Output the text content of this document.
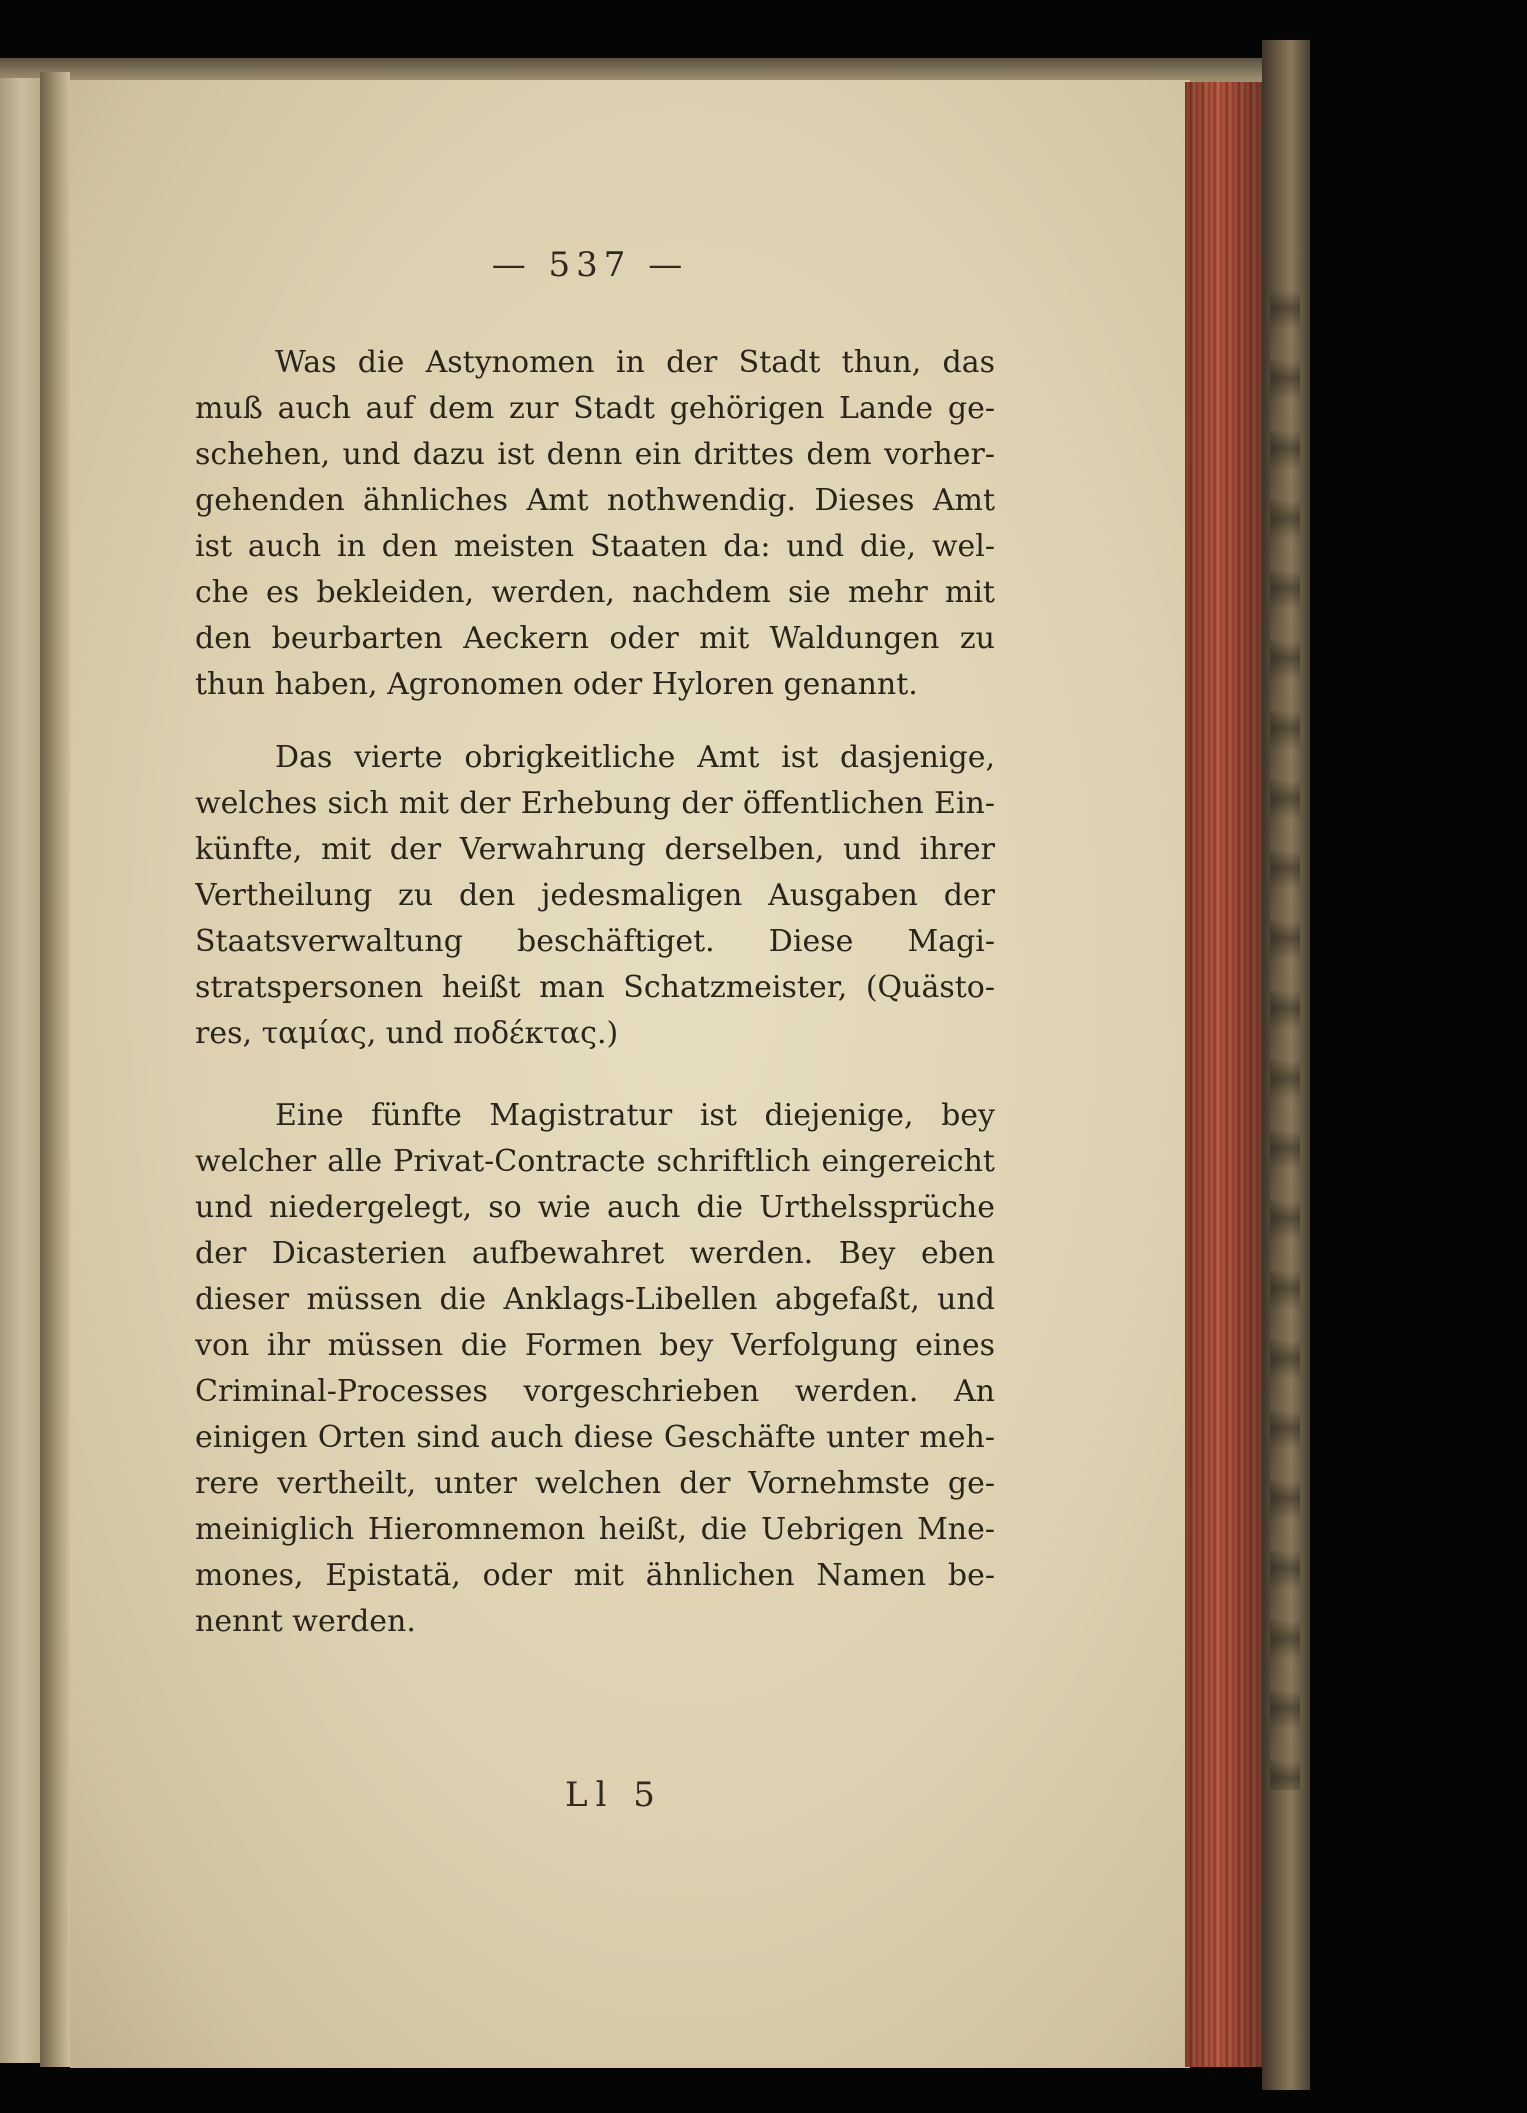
— 537 —
Was die Astynomen in der Stadt thun, das
muß auch auf dem zur Stadt gehörigen Lande ge-
schehen, und dazu ist denn ein drittes dem vorher-
gehenden ähnliches Amt nothwendig. Dieses Amt
ist auch in den meisten Staaten da: und die, wel-
che es bekleiden, werden, nachdem sie mehr mit
den beurbarten Aeckern oder mit Waldungen zu
thun haben, Agronomen oder Hyloren genannt.
Das vierte obrigkeitliche Amt ist dasjenige,
welches sich mit der Erhebung der öffentlichen Ein-
künfte, mit der Verwahrung derselben, und ihrer
Vertheilung zu den jedesmaligen Ausgaben der
Staatsverwaltung beschäftiget. Diese Magi-
stratspersonen heißt man Schatzmeister, (Quästo-
res, ταμίας, und ποδέκτας.)
Eine fünfte Magistratur ist diejenige, bey
welcher alle Privat-Contracte schriftlich eingereicht
und niedergelegt, so wie auch die Urthelssprüche
der Dicasterien aufbewahret werden. Bey eben
dieser müssen die Anklags-Libellen abgefaßt, und
von ihr müssen die Formen bey Verfolgung eines
Criminal-Processes vorgeschrieben werden. An
einigen Orten sind auch diese Geschäfte unter meh-
rere vertheilt, unter welchen der Vornehmste ge-
meiniglich Hieromnemon heißt, die Uebrigen Mne-
mones, Epistatä, oder mit ähnlichen Namen be-
nennt werden.
Ll 5
